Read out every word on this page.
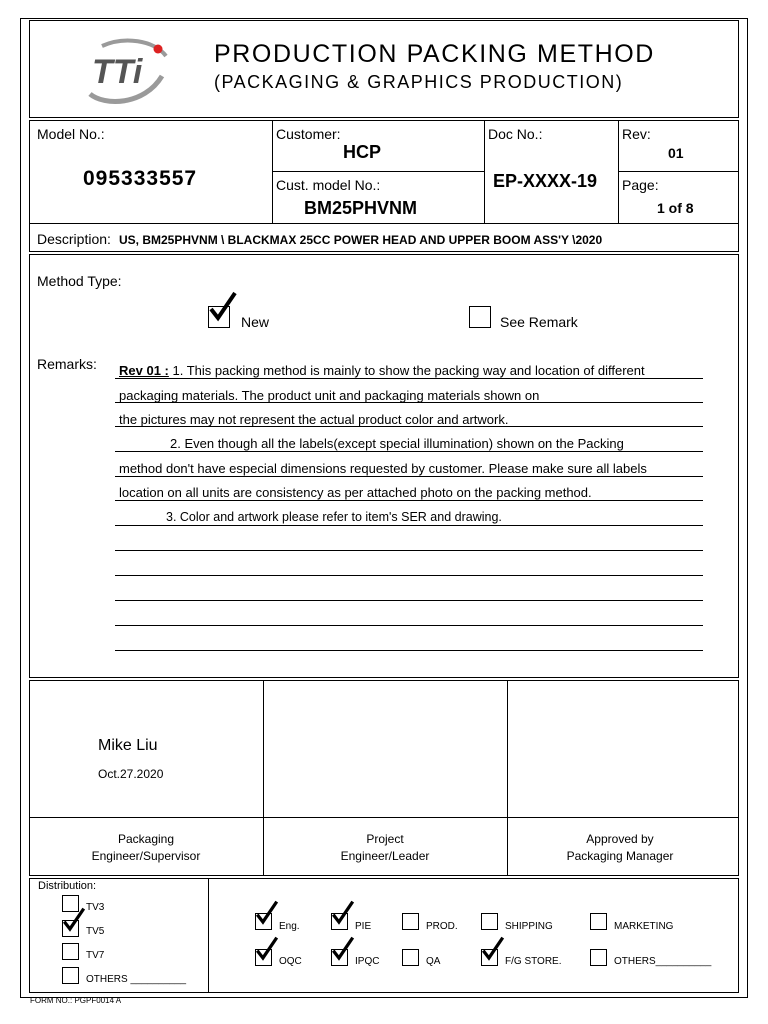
TTi	PRODUCTION PACKING METHOD
(PACKAGING & GRAPHICS PRODUCTION)
Model No.:
095333557
Customer:
HCP
Cust. model No.:
BM25PHVNM
Doc No.:
EP-XXXX-19
Rev:
01
Page:
1 of 8
Description: US, BM25PHVNM \ BLACKMAX 25CC POWER HEAD AND UPPER BOOM ASS'Y \2020
Method Type:
New	See Remark
Remarks: Rev 01 : 1. This packing method is mainly to show the packing way and location of different
packaging materials. The product unit and packaging materials shown on
the pictures may not represent the actual product color and artwork.
2. Even though all the labels(except special illumination) shown on the Packing
method don't have especial dimensions requested by customer. Please make sure all labels
location on all units are consistency as per attached photo on the packing method.
3. Color and artwork please refer to item's SER and drawing.
Mike Liu
Oct.27.2020
Packaging
Engineer/Supervisor
Project
Engineer/Leader
Approved by
Packaging Manager
Distribution:
TV3
TV5
TV7
OTHERS __________
Eng.	PIE	PROD.	SHIPPING	MARKETING
OQC	IPQC	QA	F/G STORE.	OTHERS__________
FORM NO.: PGPF0014 A
